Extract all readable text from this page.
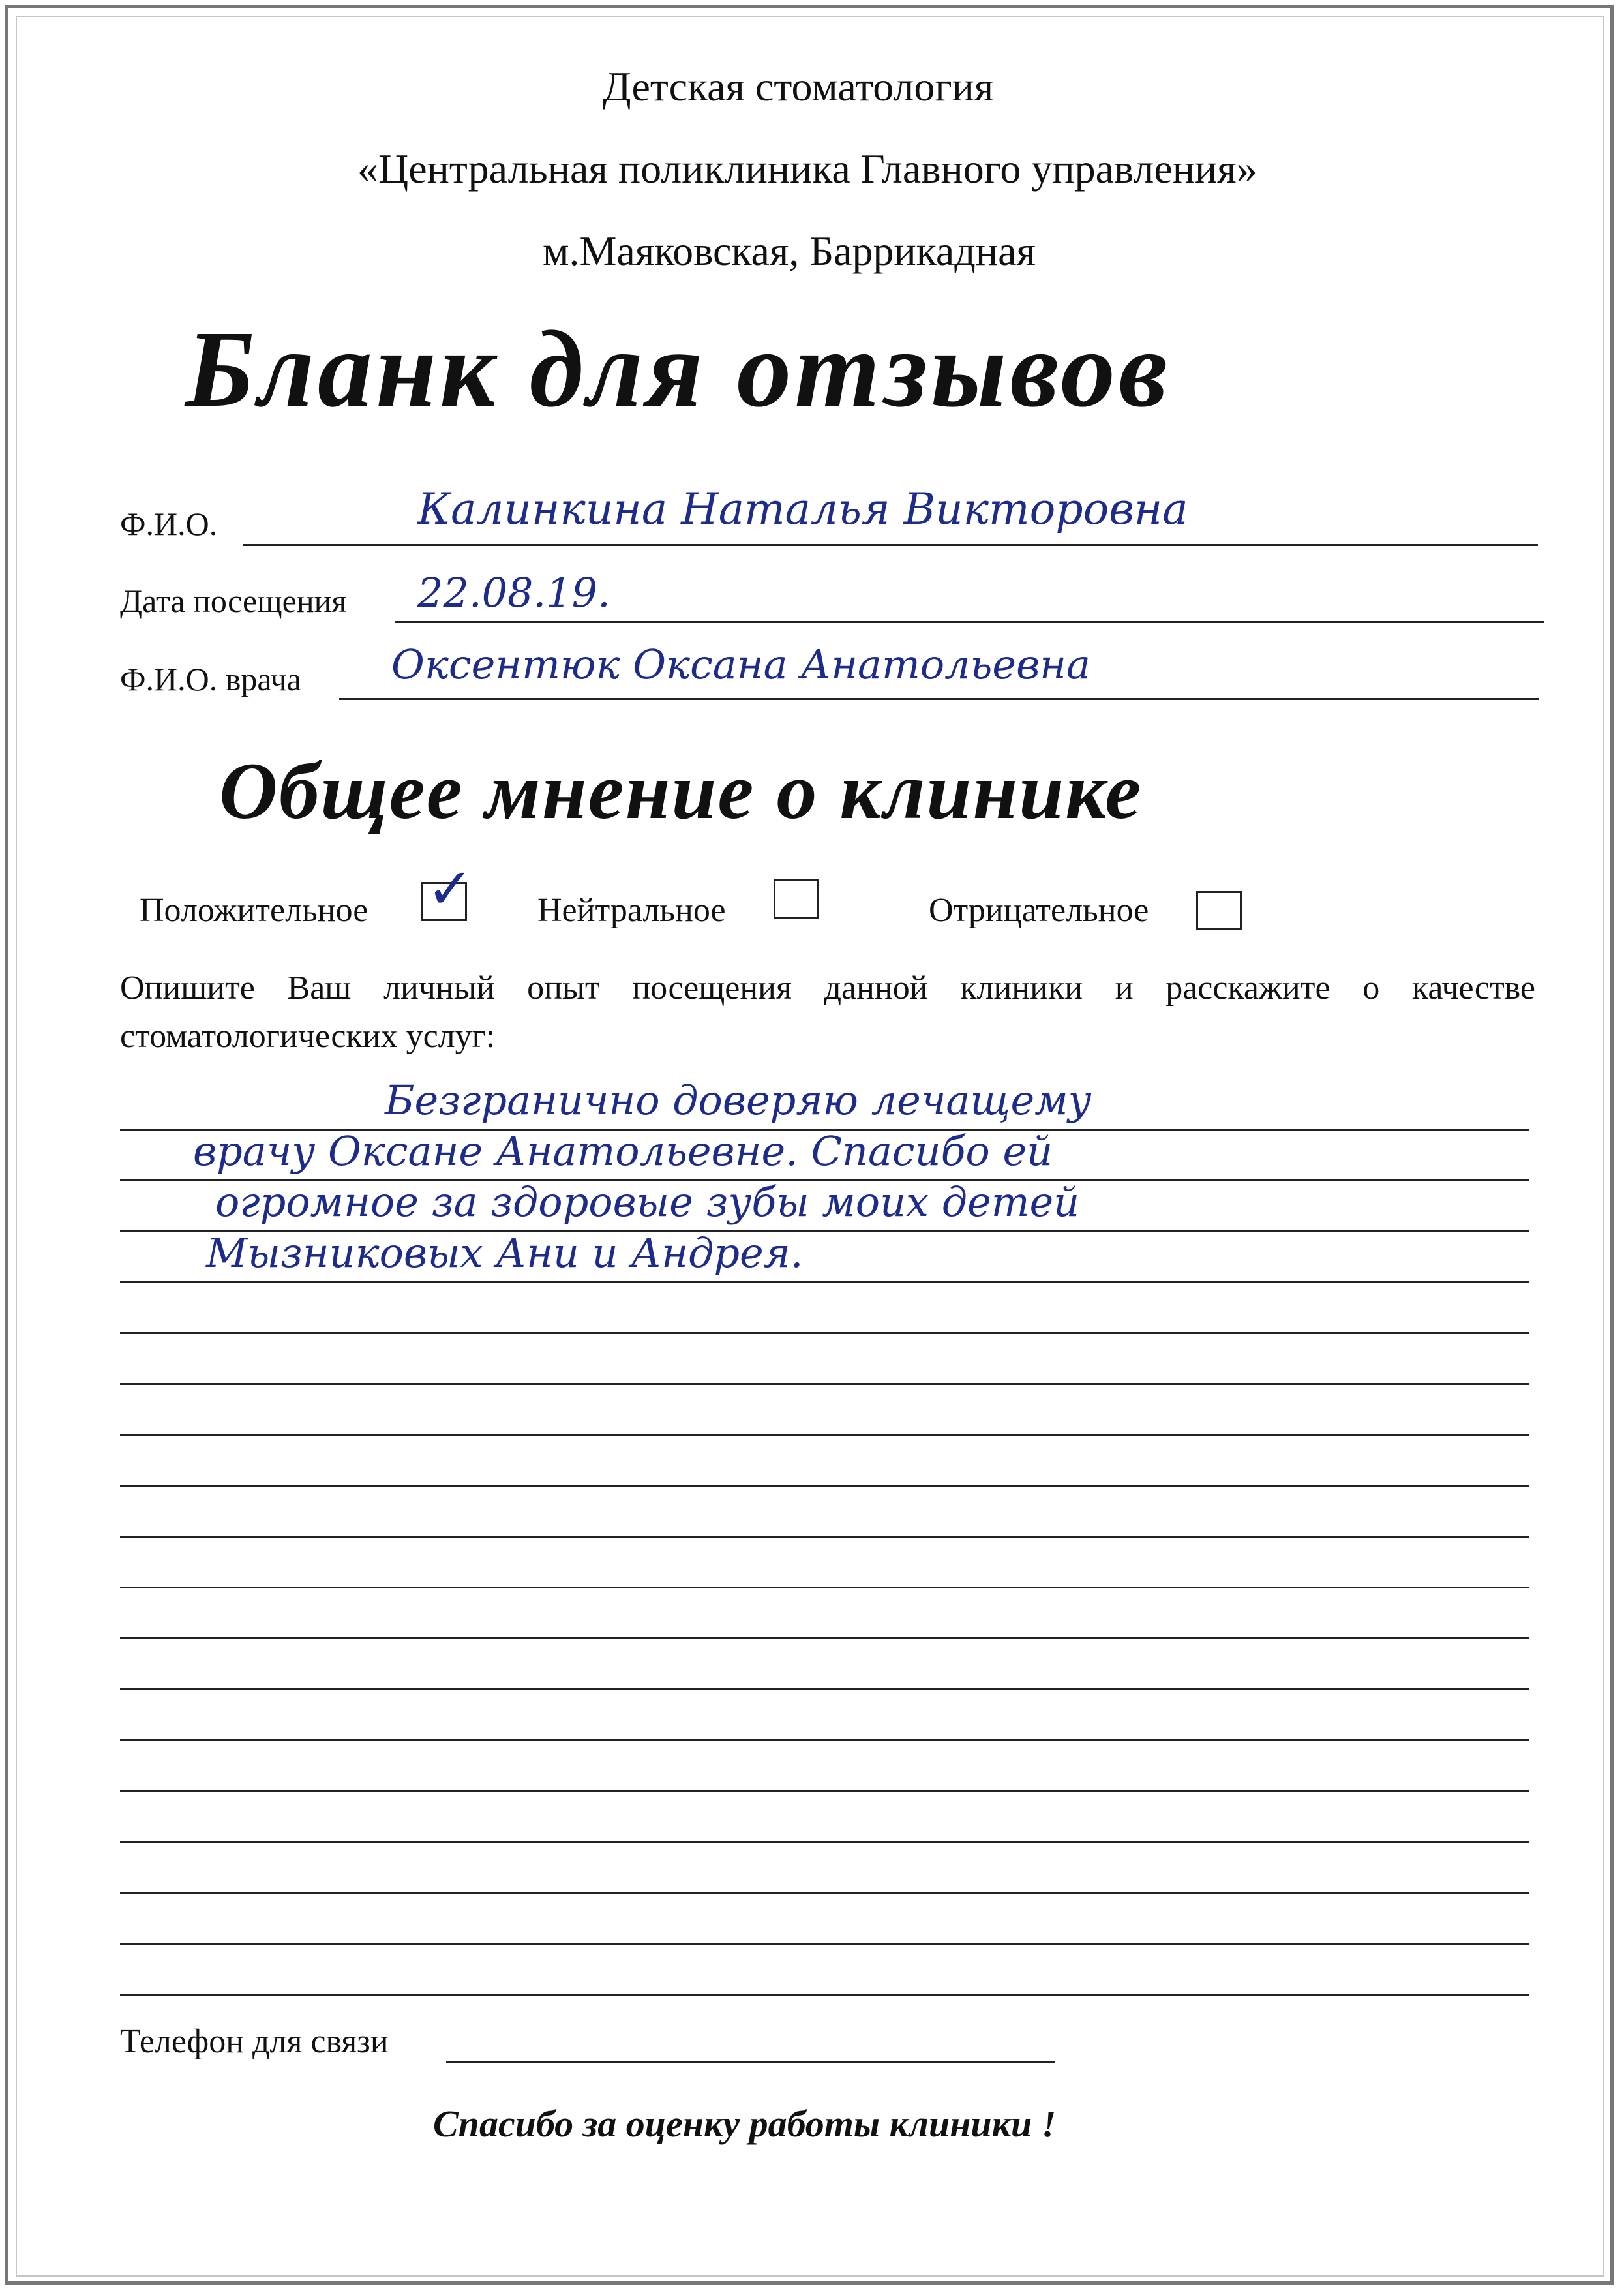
Детская стоматология
«Центральная поликлиника Главного управления»
м.Маяковская, Баррикадная
Бланк для отзывов
Ф.И.О.	Калинкина Наталья Викторовна
Дата посещения 22.08.19.
Ф.И.О. врача Оксентюк Оксана Анатольевна
Общее мнение о клинике
Положительное ✓ Нейтральное	Отрицательное
Опишите Ваш личный опыт посещения данной клиники и расскажите о качестве стоматологических услуг:
Безгранично доверяю лечащему
врачу Оксане Анатольевне. Спасибо ей
огромное за здоровые зубы моих детей
Мызниковых Ани и Андрея.
Телефон для связи
Спасибо за оценку работы клиники !
